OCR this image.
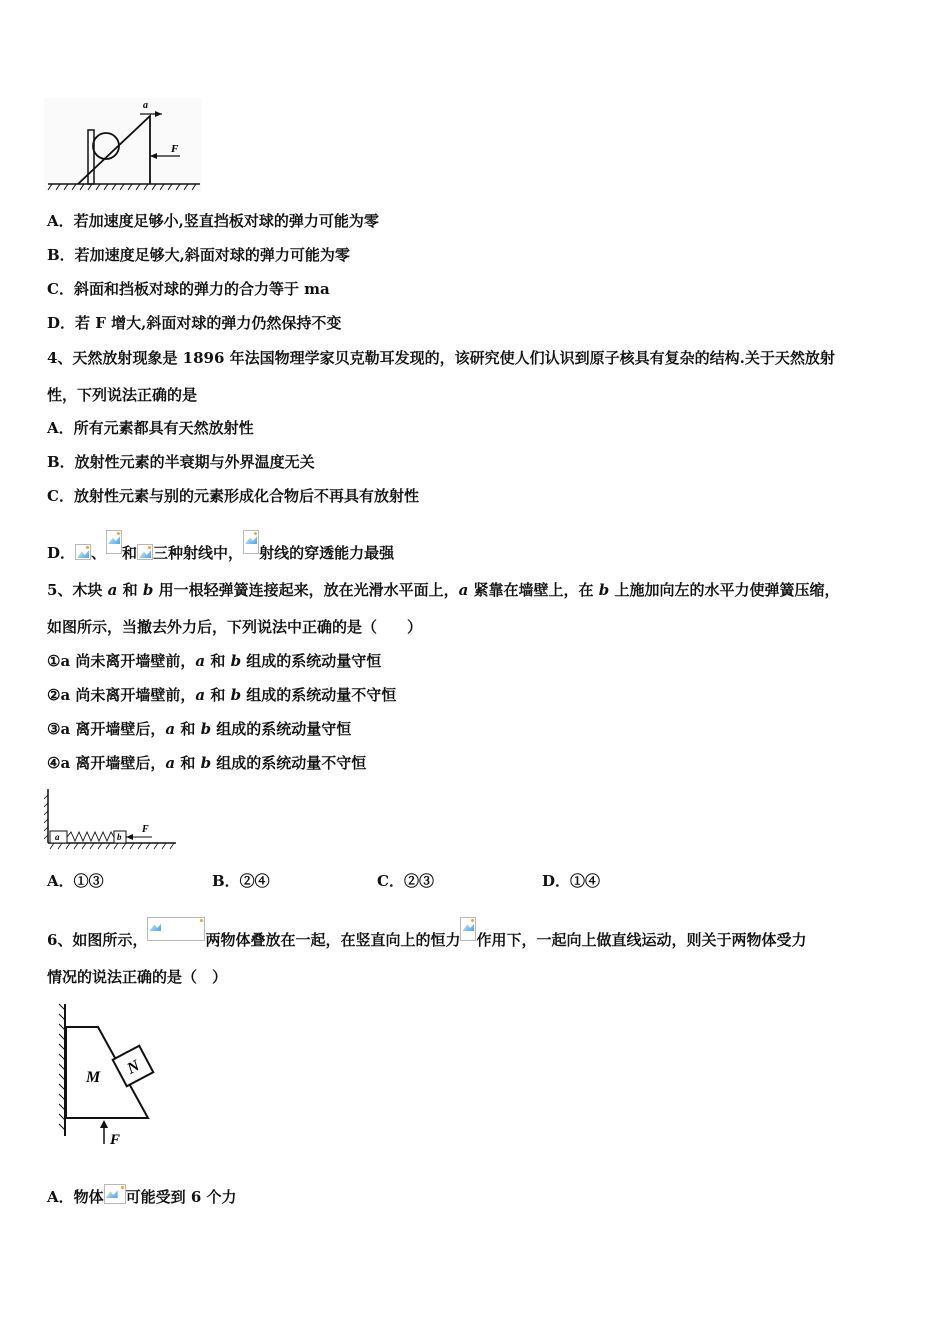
a
F
A．若加速度足够小,竖直挡板对球的弹力可能为零
B．若加速度足够大,斜面对球的弹力可能为零
C．斜面和挡板对球的弹力的合力等于 ma
D．若 F 增大,斜面对球的弹力仍然保持不变
4、天然放射现象是 1896 年法国物理学家贝克勒耳发现的，该研究使人们认识到原子核具有复杂的结构.关于天然放射
性，下列说法正确的是
A．所有元素都具有天然放射性
B．放射性元素的半衰期与外界温度无关
C．放射性元素与别的元素形成化合物后不再具有放射性
D． 、 和 三种射线中， 射线的穿透能力最强
5、木块 a 和 b 用一根轻弹簧连接起来，放在光滑水平面上，a 紧靠在墙壁上，在 b 上施加向左的水平力使弹簧压缩，
如图所示，当撤去外力后，下列说法中正确的是（　　）
①a 尚未离开墙壁前，a 和 b 组成的系统动量守恒
②a 尚未离开墙壁前，a 和 b 组成的系统动量不守恒
③a 离开墙壁后，a 和 b 组成的系统动量守恒
④a 离开墙壁后，a 和 b 组成的系统动量不守恒
a	b
F
A．①③	B．②④	C．②③	D．①④
6、如图所示，	两物体叠放在一起，在竖直向上的恒力 作用下，一起向上做直线运动，则关于两物体受力
情况的说法正确的是（　）
N
M
F
A．物体 可能受到 6 个力
